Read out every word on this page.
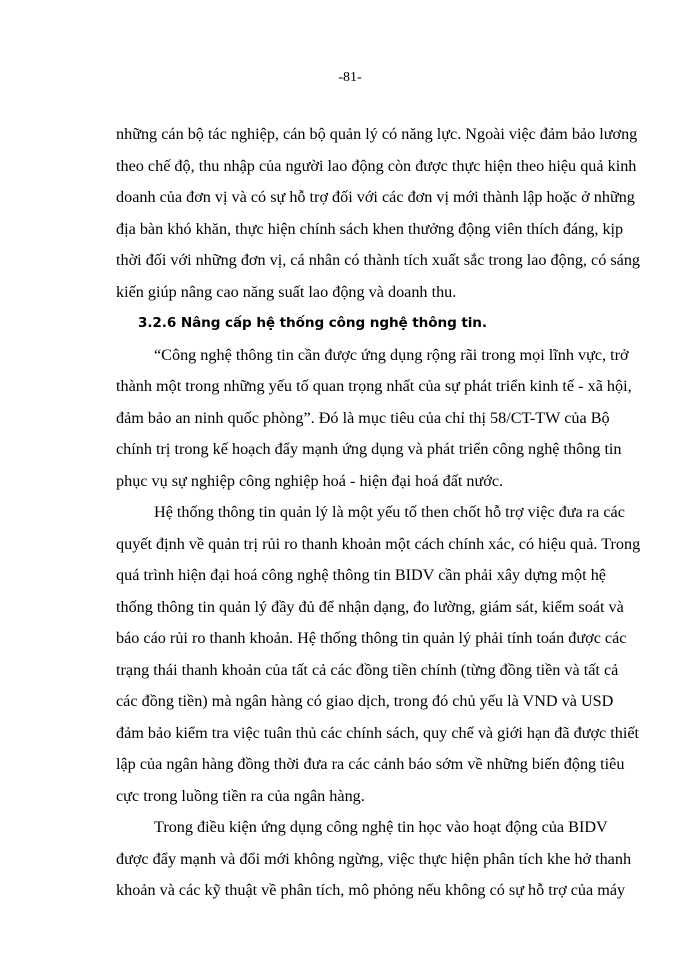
-81-
những cán bộ tác nghiệp, cán bộ quản lý có năng lực. Ngoài việc đảm bảo lương
theo chế độ, thu nhập của người lao động còn được thực hiện theo hiệu quả kinh
doanh của đơn vị và có sự hỗ trợ đối với các đơn vị mới thành lập hoặc ở những
địa bàn khó khăn, thực hiện chính sách khen thưởng động viên thích đáng, kịp
thời đối với những đơn vị, cá nhân có thành tích xuất sắc trong lao động, có sáng
kiến giúp nâng cao năng suất lao động và doanh thu.
3.2.6 Nâng cấp hệ thống công nghệ thông tin.
“Công nghệ thông tin cần được ứng dụng rộng rãi trong mọi lĩnh vực, trở
thành một trong những yếu tố quan trọng nhất của sự phát triển kinh tế - xã hội,
đảm bảo an ninh quốc phòng”. Đó là mục tiêu của chỉ thị 58/CT-TW của Bộ
chính trị trong kế hoạch đẩy mạnh ứng dụng và phát triển công nghệ thông tin
phục vụ sự nghiệp công nghiệp hoá - hiện đại hoá đất nước.
Hệ thống thông tin quản lý là một yếu tố then chốt hỗ trợ việc đưa ra các
quyết định về quản trị rủi ro thanh khoản một cách chính xác, có hiệu quả. Trong
quá trình hiện đại hoá công nghệ thông tin BIDV cần phải xây dựng một hệ
thống thông tin quản lý đầy đủ để nhận dạng, đo lường, giám sát, kiểm soát và
báo cáo rủi ro thanh khoản. Hệ thống thông tin quản lý phải tính toán được các
trạng thái thanh khoản của tất cả các đồng tiền chính (từng đồng tiền và tất cả
các đồng tiền) mà ngân hàng có giao dịch, trong đó chủ yếu là VND và USD
đảm bảo kiểm tra việc tuân thủ các chính sách, quy chế và giới hạn đã được thiết
lập của ngân hàng đồng thời đưa ra các cảnh báo sớm về những biến động tiêu
cực trong luồng tiền ra của ngân hàng.
Trong điều kiện ứng dụng công nghệ tin học vào hoạt động của BIDV
được đẩy mạnh và đổi mới không ngừng, việc thực hiện phân tích khe hở thanh
khoản và các kỹ thuật về phân tích, mô phỏng nếu không có sự hỗ trợ của máy
